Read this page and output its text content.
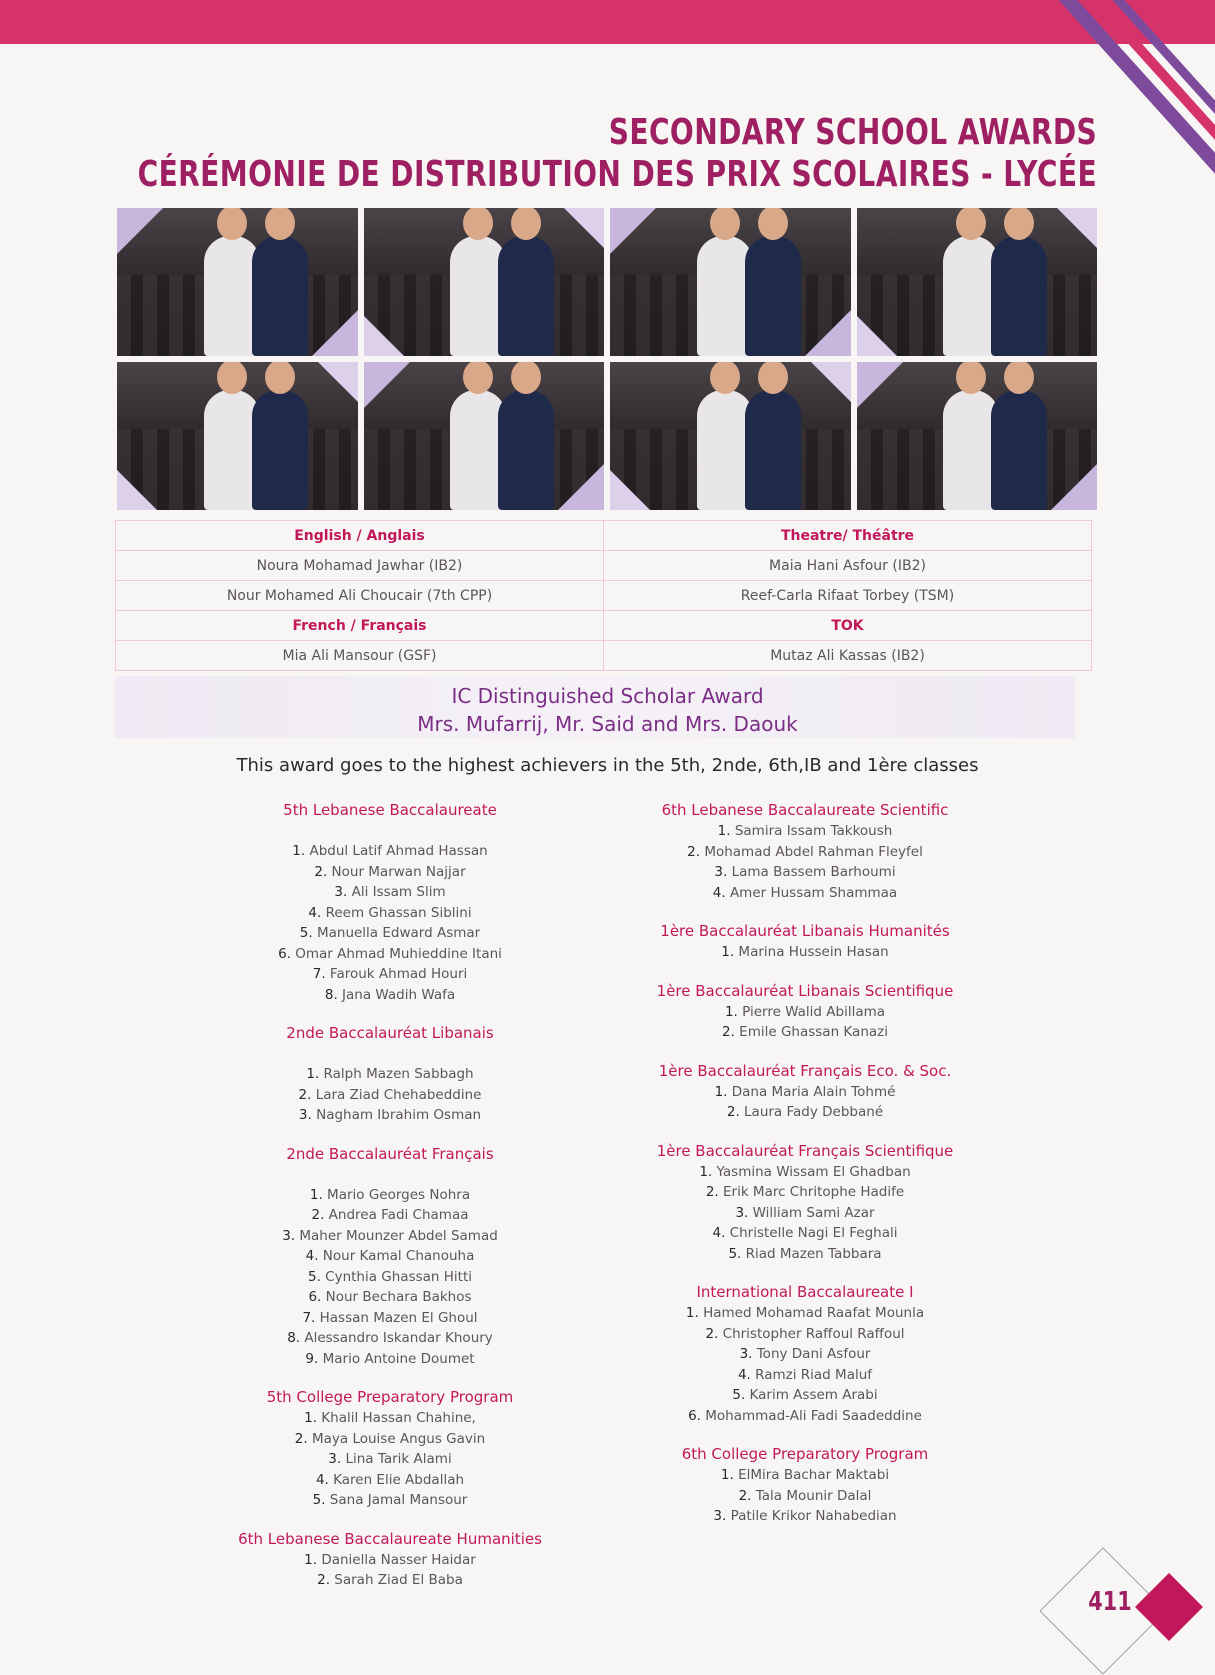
SECONDARY SCHOOL AWARDS
CÉRÉMONIE DE DISTRIBUTION DES PRIX SCOLAIRES - LYCÉE
English / Anglais	Theatre/ Théâtre
Noura Mohamad Jawhar (IB2)	Maia Hani Asfour (IB2)
Nour Mohamed Ali Choucair (7th CPP)	Reef-Carla Rifaat Torbey (TSM)
French / Français	TOK
Mia Ali Mansour (GSF)	Mutaz Ali Kassas (IB2)
IC Distinguished Scholar Award
Mrs. Mufarrij, Mr. Said and Mrs. Daouk
This award goes to the highest achievers in the 5th, 2nde, 6th,IB and 1ère classes
5th Lebanese Baccalaureate
1. Abdul Latif Ahmad Hassan
2. Nour Marwan Najjar
3. Ali Issam Slim
4. Reem Ghassan Siblini
5. Manuella Edward Asmar
6. Omar Ahmad Muhieddine Itani
7. Farouk Ahmad Houri
8. Jana Wadih Wafa
2nde Baccalauréat Libanais
1. Ralph Mazen Sabbagh
2. Lara Ziad Chehabeddine
3. Nagham Ibrahim Osman
2nde Baccalauréat Français
1. Mario Georges Nohra
2. Andrea Fadi Chamaa
3. Maher Mounzer Abdel Samad
4. Nour Kamal Chanouha
5. Cynthia Ghassan Hitti
6. Nour Bechara Bakhos
7. Hassan Mazen El Ghoul
8. Alessandro Iskandar Khoury
9. Mario Antoine Doumet
5th College Preparatory Program
1. Khalil Hassan Chahine,
2. Maya Louise Angus Gavin
3. Lina Tarik Alami
4. Karen Elie Abdallah
5. Sana Jamal Mansour
6th Lebanese Baccalaureate Humanities
1. Daniella Nasser Haidar
2. Sarah Ziad El Baba
6th Lebanese Baccalaureate Scientific
1. Samira Issam Takkoush
2. Mohamad Abdel Rahman Fleyfel
3. Lama Bassem Barhoumi
4. Amer Hussam Shammaa
1ère Baccalauréat Libanais Humanités
1. Marina Hussein Hasan
1ère Baccalauréat Libanais Scientifique
1. Pierre Walid Abillama
2. Emile Ghassan Kanazi
1ère Baccalauréat Français Eco. & Soc.
1. Dana Maria Alain Tohmé
2. Laura Fady Debbané
1ère Baccalauréat Français Scientifique
1. Yasmina Wissam El Ghadban
2. Erik Marc Chritophe Hadife
3. William Sami Azar
4. Christelle Nagi El Feghali
5. Riad Mazen Tabbara
International Baccalaureate I
1. Hamed Mohamad Raafat Mounla
2. Christopher Raffoul Raffoul
3. Tony Dani Asfour
4. Ramzi Riad Maluf
5. Karim Assem Arabi
6. Mohammad-Ali Fadi Saadeddine
6th College Preparatory Program
1. ElMira Bachar Maktabi
2. Tala Mounir Dalal
3. Patile Krikor Nahabedian
411
